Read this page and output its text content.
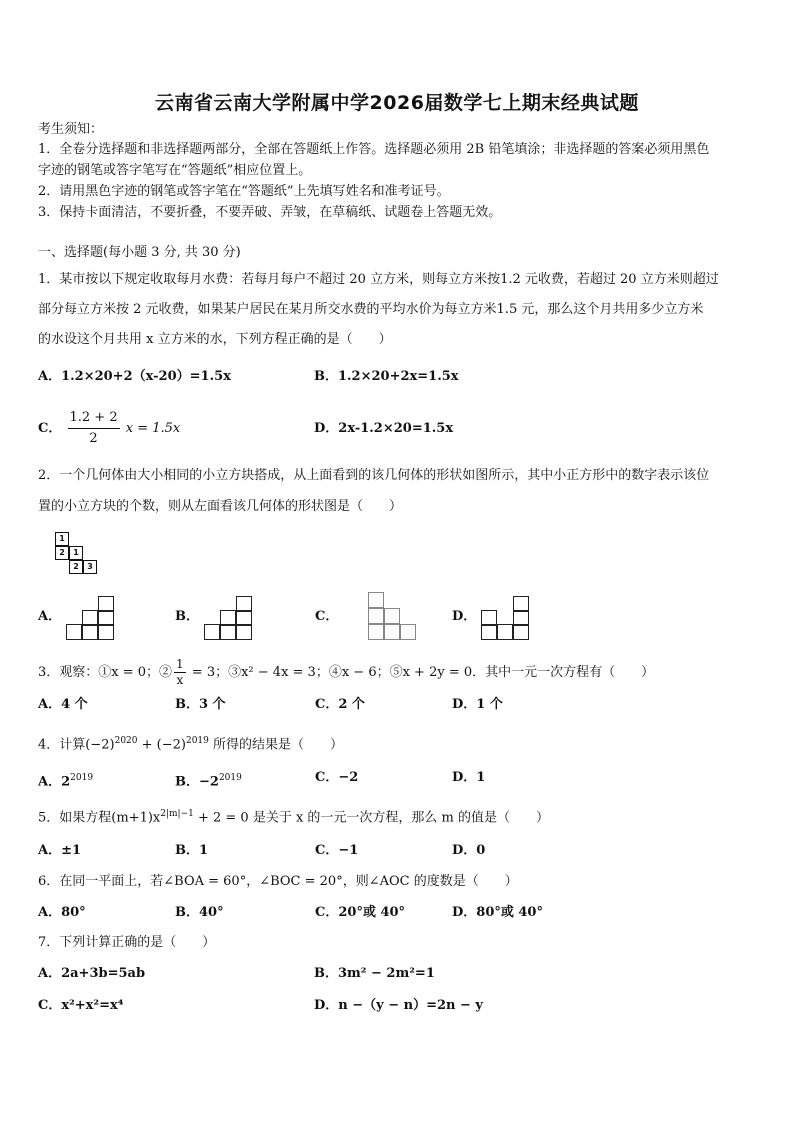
云南省云南大学附属中学2026届数学七上期末经典试题
考生须知：
1．全卷分选择题和非选择题两部分，全部在答题纸上作答。选择题必须用 2B 铅笔填涂；非选择题的答案必须用黑色
字迹的钢笔或答字笔写在“答题纸”相应位置上。
2．请用黑色字迹的钢笔或答字笔在“答题纸”上先填写姓名和准考证号。
3．保持卡面清洁，不要折叠，不要弄破、弄皱，在草稿纸、试题卷上答题无效。
一、选择题(每小题 3 分, 共 30 分)
1．某市按以下规定收取每月水费：若每月每户不超过 20 立方米，则每立方米按1.2 元收费，若超过 20 立方米则超过
部分每立方米按 2 元收费，如果某户居民在某月所交水费的平均水价为每立方米1.5 元，那么这个月共用多少立方米
的水设这个月共用 x 立方米的水，下列方程正确的是（　　）
A．1.2×20+2（x-20）=1.5x	B．1.2×20+2x=1.5x
C． $\frac{1.2 + 2}{2}$ x = 1.5x	D．2x-1.2×20=1.5x
2．一个几何体由大小相同的小立方块搭成，从上面看到的该几何体的形状如图所示，其中小正方形中的数字表示该位
置的小立方块的个数，则从左面看该几何体的形状图是（　　）
1
2	1
2	3
A．	B．	C．	D．
3．观察：①x = 0；② $\frac{1}{x} = 3$；③x² − 4x = 3；④x − 6；⑤x + 2y = 0．其中一元一次方程有（　　）
A．4 个	B．3 个	C．2 个	D．1 个
4．计算$(-2)^{2020} + (-2)^{2019}$ 所得的结果是（　　）
A．$2^{2019}$	B．$-2^{2019}$	C．−2	D．1
5．如果方程$(m+1)x^{2|m|-1} + 2 = 0$ 是关于 x 的一元一次方程，那么 m 的值是（　　）
A．±1	B．1	C．−1	D．0
6．在同一平面上，若∠BOA = 60°，∠BOC = 20°，则∠AOC 的度数是（　　）
A．80°	B．40°	C．20°或 40°	D．80°或 40°
7．下列计算正确的是（　　）
A．2a+3b=5ab	B．3m² − 2m²=1
C．x²+x²=x⁴	D．n −（y − n）=2n − y
